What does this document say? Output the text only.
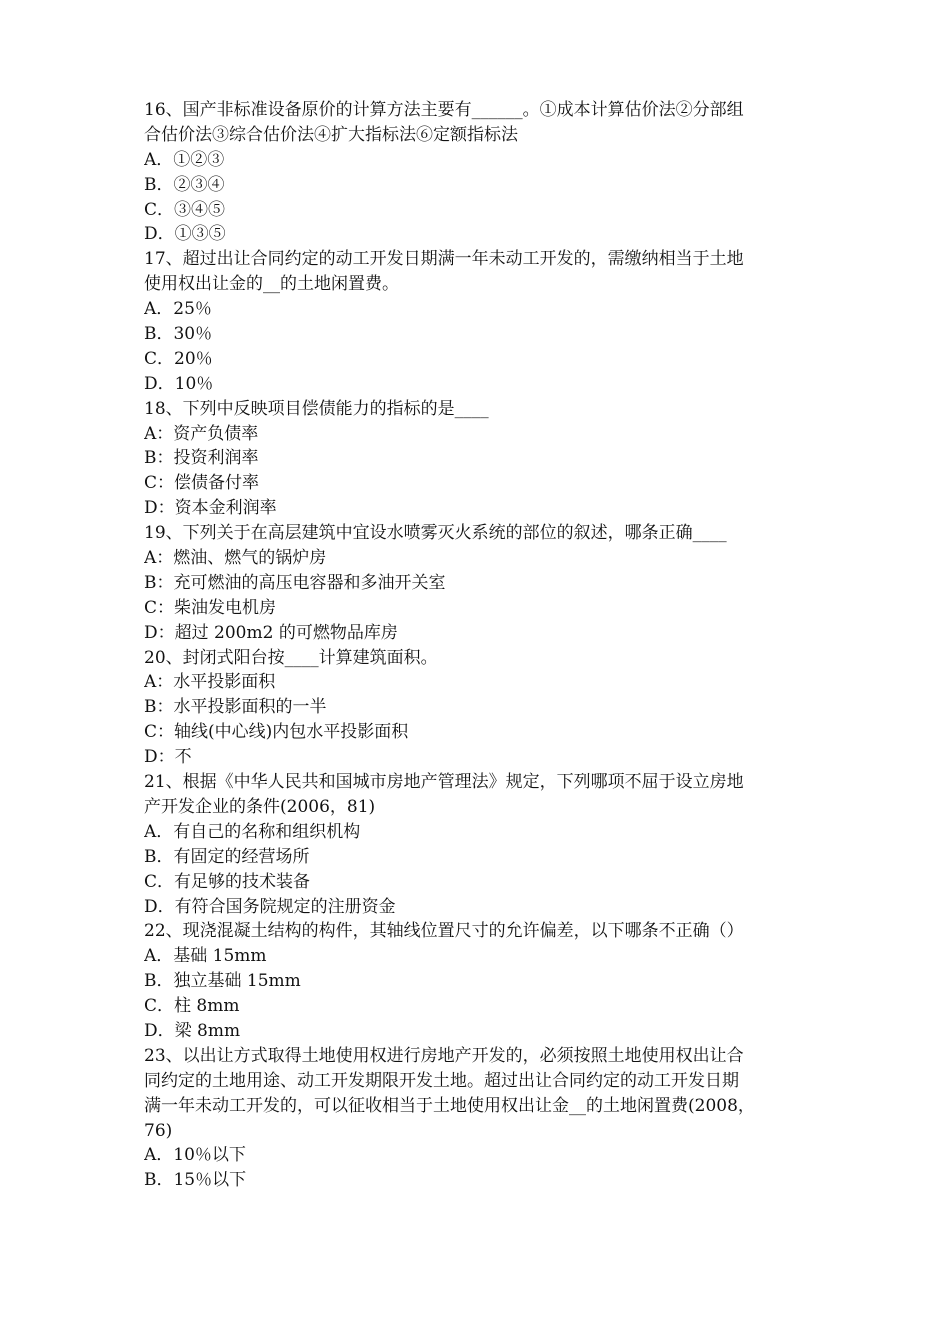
16、国产非标准设备原价的计算方法主要有______。①成本计算估价法②分部组
合估价法③综合估价法④扩大指标法⑥定额指标法
A．①②③
B．②③④
C．③④⑤
D．①③⑤
17、超过出让合同约定的动工开发日期满一年未动工开发的，需缴纳相当于土地
使用权出让金的__的土地闲置费。
A．25％
B．30％
C．20％
D．10％
18、下列中反映项目偿债能力的指标的是____
A：资产负债率
B：投资利润率
C：偿债备付率
D：资本金利润率
19、下列关于在高层建筑中宜设水喷雾灭火系统的部位的叙述，哪条正确____
A：燃油、燃气的锅炉房
B：充可燃油的高压电容器和多油开关室
C：柴油发电机房
D：超过 200m2 的可燃物品库房
20、封闭式阳台按____计算建筑面积。
A：水平投影面积
B：水平投影面积的一半
C：轴线(中心线)内包水平投影面积
D：不
21、根据《中华人民共和国城市房地产管理法》规定，下列哪项不屈于设立房地
产开发企业的条件(2006，81)
A．有自己的名称和组织机构
B．有固定的经营场所
C．有足够的技术装备
D．有符合国务院规定的注册资金
22、现浇混凝土结构的构件，其轴线位置尺寸的允许偏差，以下哪条不正确（）
A．基础 15mm
B．独立基础 15mm
C．柱 8mm
D．梁 8mm
23、以出让方式取得土地使用权进行房地产开发的，必须按照土地使用权出让合
同约定的土地用途、动工开发期限开发土地。超过出让合同约定的动工开发日期
满一年未动工开发的，可以征收相当于土地使用权出让金__的土地闲置费(2008，
76)
A．10％以下
B．15％以下
